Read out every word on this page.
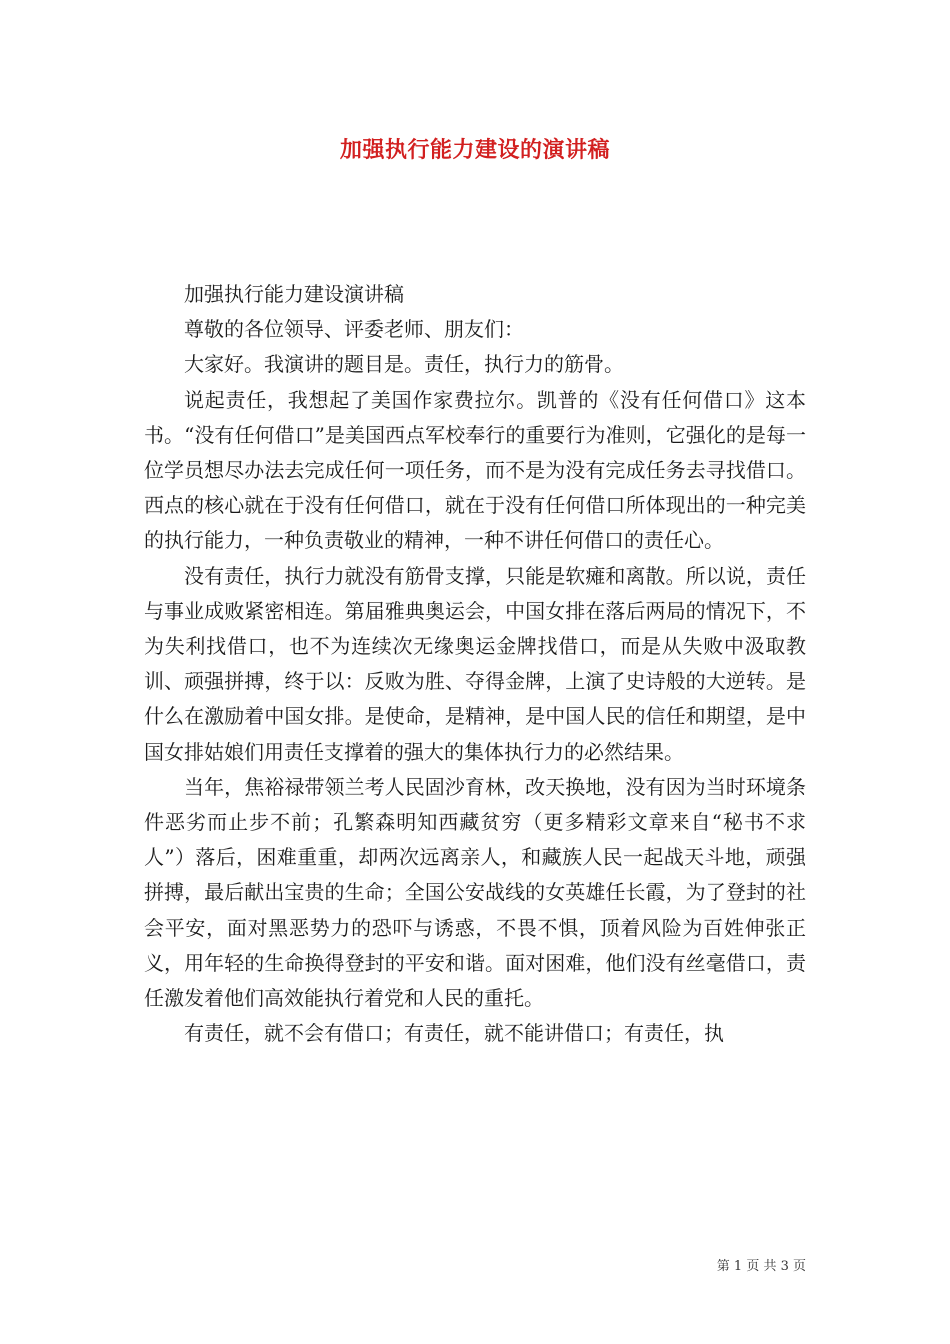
加强执行能力建设的演讲稿

加强执行能力建设演讲稿

尊敬的各位领导、评委老师、朋友们：

大家好。我演讲的题目是。责任，执行力的筋骨。

说起责任，我想起了美国作家费拉尔。凯普的《没有任何借口》这本书。“没有任何借口”是美国西点军校奉行的重要行为准则，它强化的是每一位学员想尽办法去完成任何一项任务，而不是为没有完成任务去寻找借口。西点的核心就在于没有任何借口，就在于没有任何借口所体现出的一种完美的执行能力，一种负责敬业的精神，一种不讲任何借口的责任心。

没有责任，执行力就没有筋骨支撑，只能是软瘫和离散。所以说，责任与事业成败紧密相连。第届雅典奥运会，中国女排在落后两局的情况下，不为失利找借口，也不为连续次无缘奥运金牌找借口，而是从失败中汲取教训、顽强拼搏，终于以：反败为胜、夺得金牌，上演了史诗般的大逆转。是什么在激励着中国女排。是使命，是精神，是中国人民的信任和期望，是中国女排姑娘们用责任支撑着的强大的集体执行力的必然结果。

当年，焦裕禄带领兰考人民固沙育林，改天换地，没有因为当时环境条件恶劣而止步不前；孔繁森明知西藏贫穷（更多精彩文章来自“秘书不求人”）落后，困难重重，却两次远离亲人，和藏族人民一起战天斗地，顽强拼搏，最后献出宝贵的生命；全国公安战线的女英雄任长霞，为了登封的社会平安，面对黑恶势力的恐吓与诱惑，不畏不惧，顶着风险为百姓伸张正义，用年轻的生命换得登封的平安和谐。面对困难，他们没有丝毫借口，责任激发着他们高效能执行着党和人民的重托。

有责任，就不会有借口；有责任，就不能讲借口；有责任，执

第 1 页 共 3 页
